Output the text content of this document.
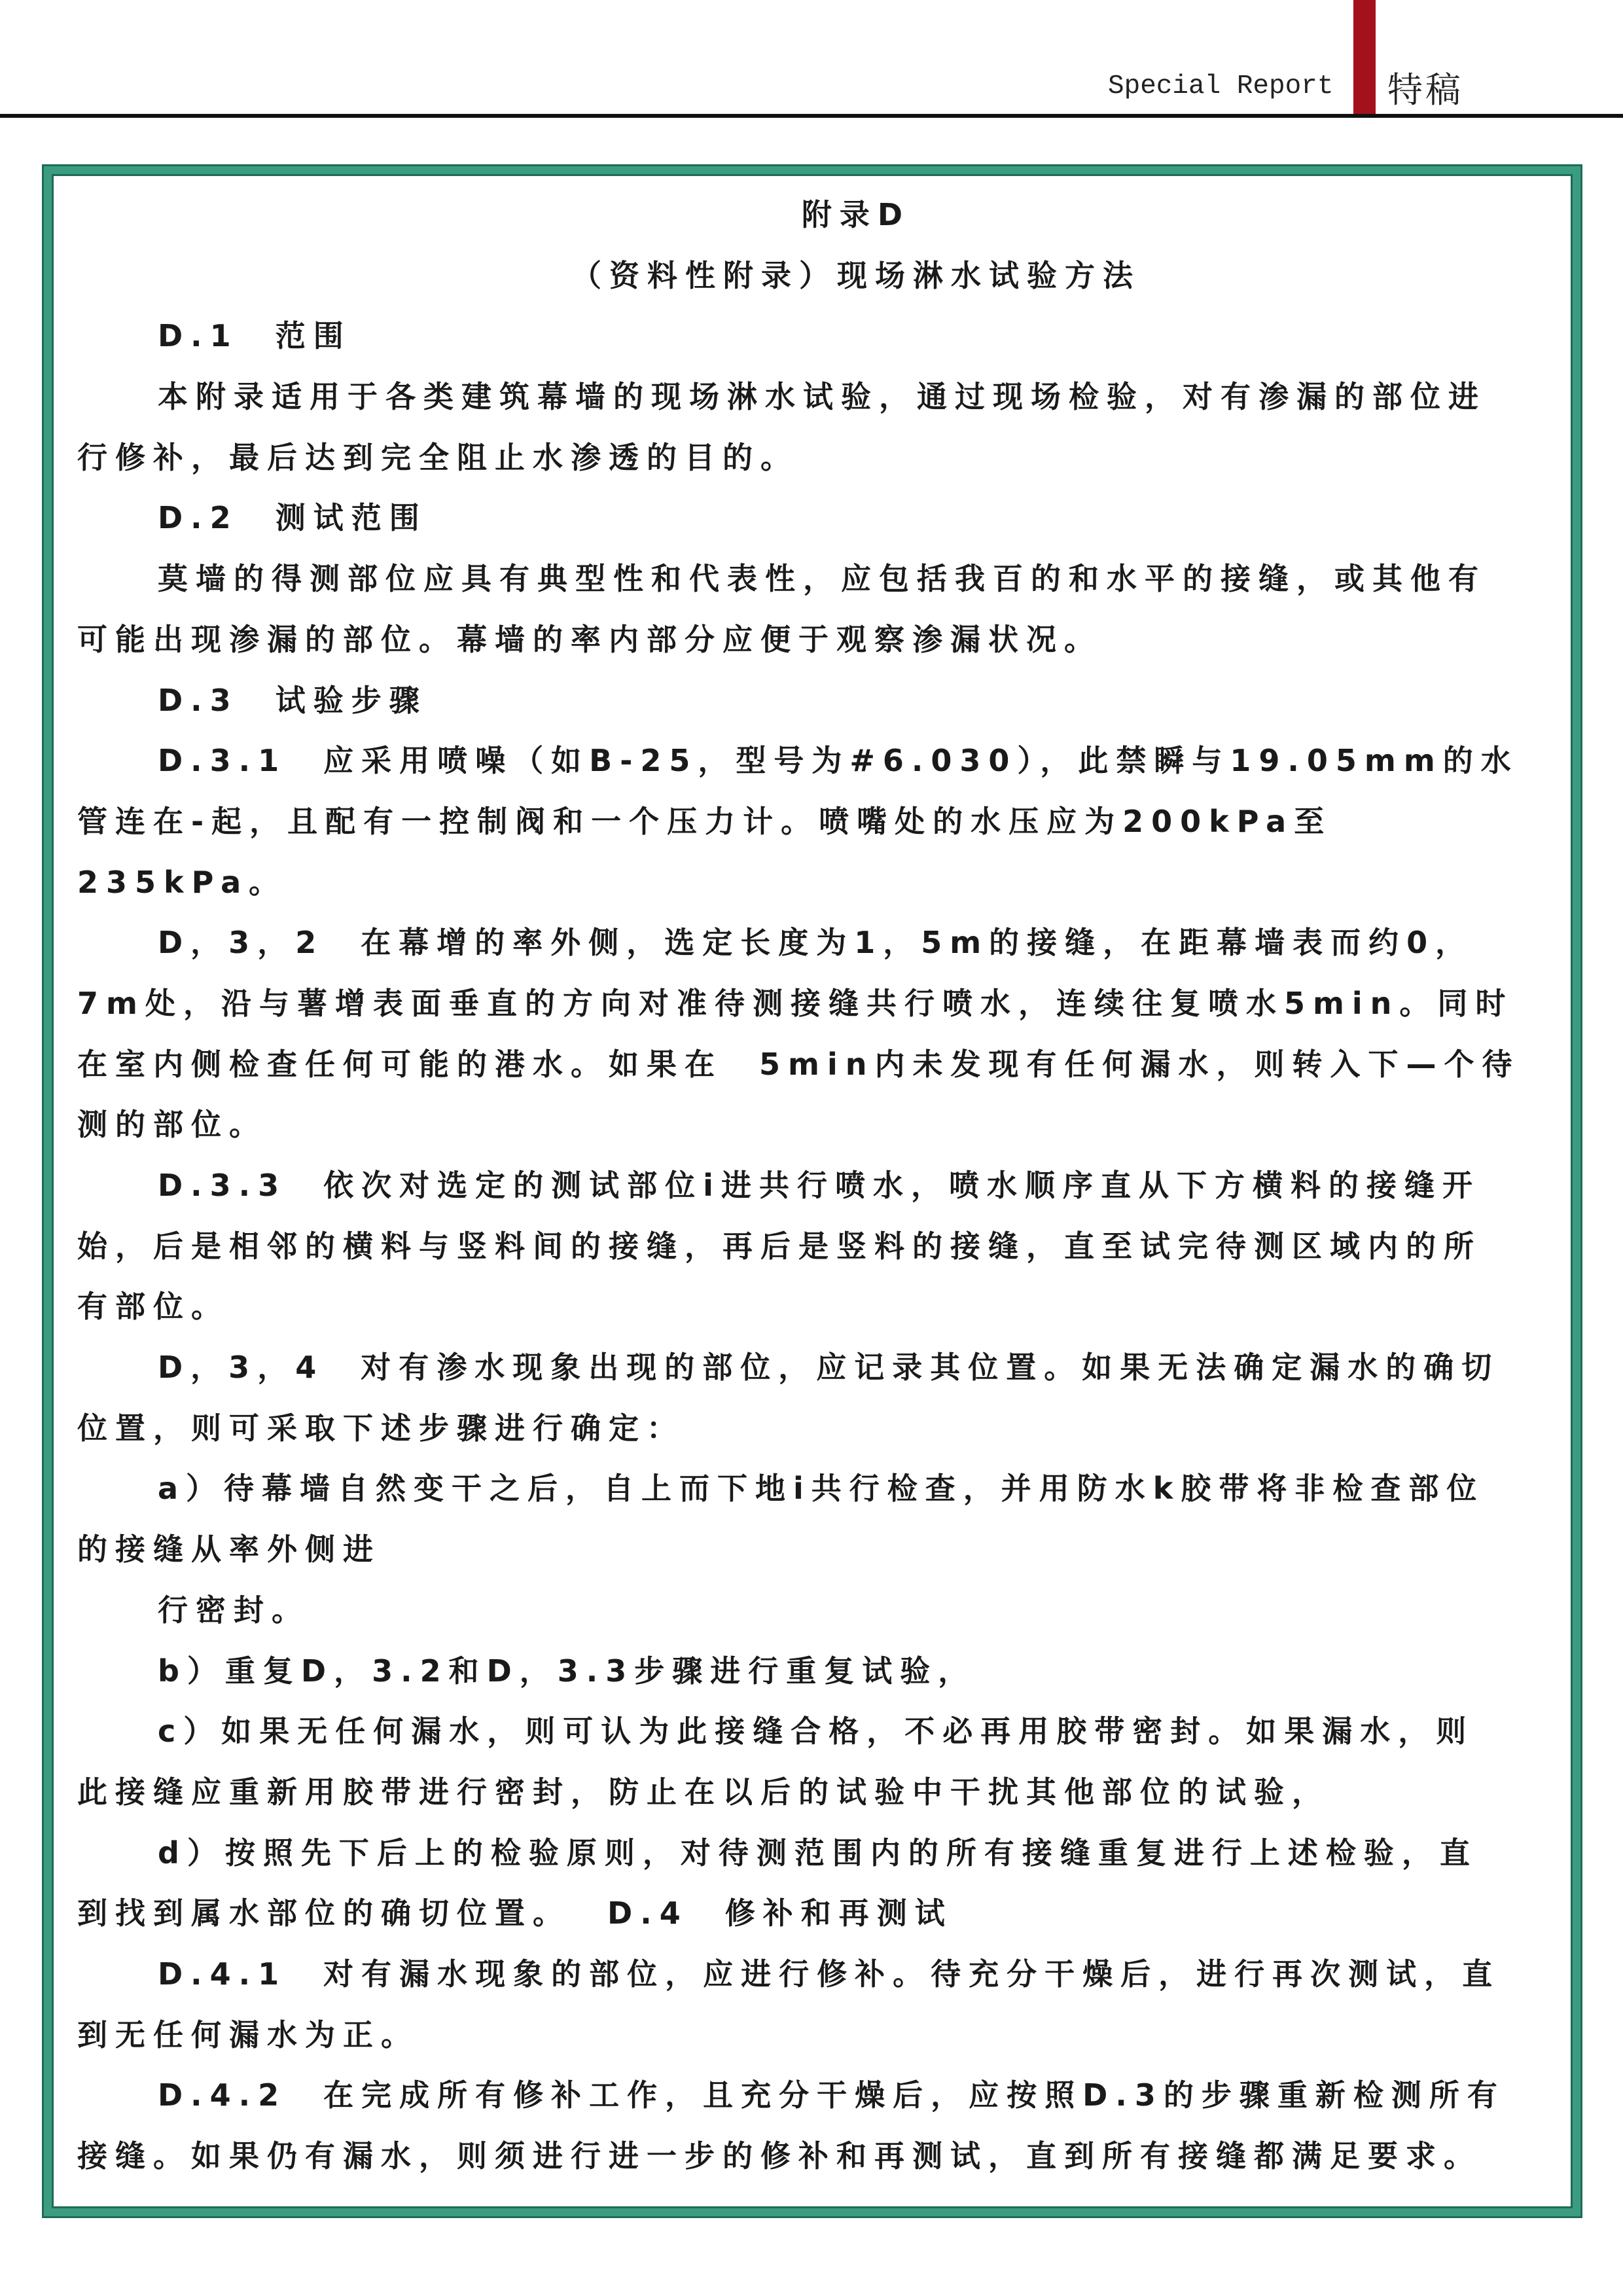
Special Report 特稿
附录D
（资料性附录）现场淋水试验方法
D.1  范围
本附录适用于各类建筑幕墙的现场淋水试验，通过现场检验，对有渗漏的部位进
行修补，最后达到完全阻止水渗透的目的。
D.2  测试范围
莫墙的得测部位应具有典型性和代表性，应包括我百的和水平的接缝，或其他有
可能出现渗漏的部位。幕墙的率内部分应便于观察渗漏状况。
D.3  试验步骤
D.3.1  应采用喷噪（如B-25，型号为#6.030），此禁瞬与19.05mm的水
管连在-起，且配有一控制阀和一个压力计。喷嘴处的水压应为200kPa至
235kPa。
D，3，2  在幕增的率外侧，选定长度为1，5m的接缝，在距幕墙表而约0，
7m处，沿与薯增表面垂直的方向对准待测接缝共行喷水，连续往复喷水5min。同时
在室内侧检查任何可能的港水。如果在  5min内未发现有任何漏水，则转入下—个待
测的部位。
D.3.3  依次对选定的测试部位i进共行喷水，喷水顺序直从下方横料的接缝开
始，后是相邻的横料与竖料间的接缝，再后是竖料的接缝，直至试完待测区域内的所
有部位。
D，3，4  对有渗水现象出现的部位，应记录其位置。如果无法确定漏水的确切
位置，则可采取下述步骤进行确定：
a）待幕墙自然变干之后，自上而下地i共行检查，并用防水k胶带将非检查部位
的接缝从率外侧进
行密封。
b）重复D，3.2和D，3.3步骤进行重复试验，
c）如果无任何漏水，则可认为此接缝合格，不必再用胶带密封。如果漏水，则
此接缝应重新用胶带进行密封，防止在以后的试验中干扰其他部位的试验，
d）按照先下后上的检验原则，对待测范围内的所有接缝重复进行上述检验，直
到找到属水部位的确切位置。  D.4  修补和再测试
D.4.1  对有漏水现象的部位，应进行修补。待充分干燥后，进行再次测试，直
到无任何漏水为正。
D.4.2  在完成所有修补工作，且充分干燥后，应按照D.3的步骤重新检测所有
接缝。如果仍有漏水，则须进行进一步的修补和再测试，直到所有接缝都满足要求。
